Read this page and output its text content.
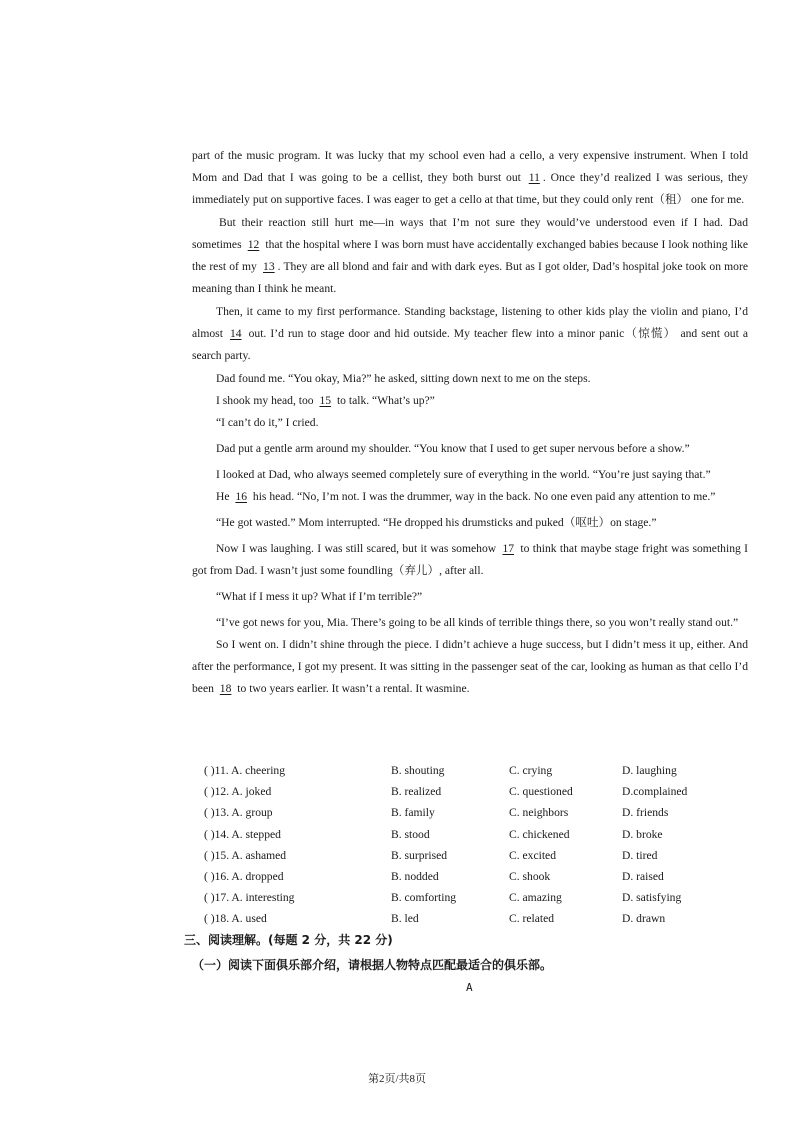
part of the music program. It was lucky that my school even had a cello, a very expensive instrument. When I told Mom and Dad that I was going to be a cellist, they both burst out 11 . Once they’d realized I was serious, they immediately put on supportive faces. I was eager to get a cello at that time, but they could only rent（租） one for me.

But their reaction still hurt me—in ways that I’m not sure they would’ve understood even if I had. Dad sometimes 12 that the hospital where I was born must have accidentally exchanged babies because I look nothing like the rest of my 13 . They are all blond and fair and with dark eyes. But as I got older, Dad’s hospital joke took on more meaning than I think he meant.

Then, it came to my first performance. Standing backstage, listening to other kids play the violin and piano, I’d almost 14 out. I’d run to stage door and hid outside. My teacher flew into a minor panic（惊慌） and sent out a search party.

Dad found me. “You okay, Mia?” he asked, sitting down next to me on the steps.

I shook my head, too 15 to talk. “What’s up?”

“I can’t do it,” I cried.

Dad put a gentle arm around my shoulder. “You know that I used to get super nervous before a show.”

I looked at Dad, who always seemed completely sure of everything in the world. “You’re just saying that.”

He 16 his head. “No, I’m not. I was the drummer, way in the back. No one even paid any attention to me.”

“He got wasted.” Mom interrupted. “He dropped his drumsticks and puked（呕吐）on stage.”

Now I was laughing. I was still scared, but it was somehow 17 to think that maybe stage fright was something I got from Dad. I wasn’t just some foundling（弃儿）, after all.

“What if I mess it up? What if I’m terrible?”

“I’ve got news for you, Mia. There’s going to be all kinds of terrible things there, so you won’t really stand out.”

So I went on. I didn’t shine through the piece. I didn’t achieve a huge success, but I didn’t mess it up, either. And after the performance, I got my present. It was sitting in the passenger seat of the car, looking as human as that cello I’d been 18 to two years earlier. It wasn’t a rental. It wasmine.

( )11. A. cheering	B. shouting	C. crying	D. laughing
( )12. A. joked	B. realized	C. questioned	D.complained
( )13. A. group	B. family	C. neighbors	D. friends
( )14. A. stepped	B. stood	C. chickened	D. broke
( )15. A. ashamed	B. surprised	C. excited	D. tired
( )16. A. dropped	B. nodded	C. shook	D. raised
( )17. A. interesting	B. comforting	C. amazing	D. satisfying
( )18. A. used	B. led	C. related	D. drawn
三、阅读理解。(每题 2 分，共 22 分)
（一）阅读下面俱乐部介绍，请根据人物特点匹配最适合的俱乐部。
A
第2页/共8页
